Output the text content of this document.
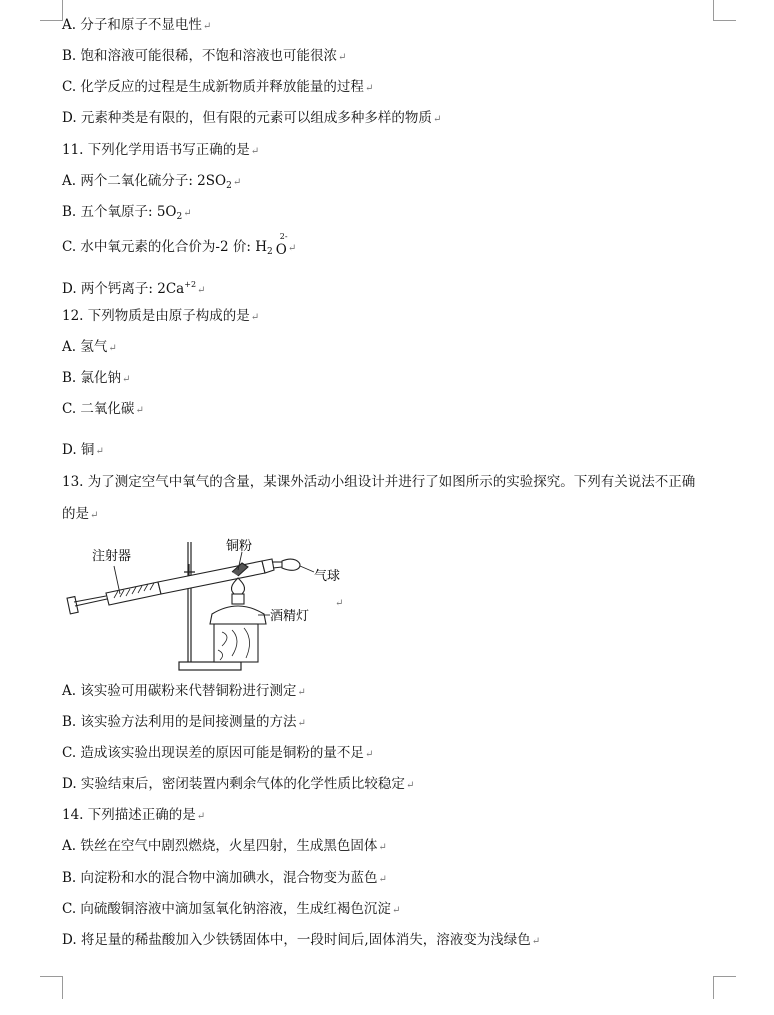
A. 分子和原子不显电性↵
B. 饱和溶液可能很稀，不饱和溶液也可能很浓↵
C. 化学反应的过程是生成新物质并释放能量的过程↵
D. 元素种类是有限的，但有限的元素可以组成多种多样的物质↵
11. 下列化学用语书写正确的是↵
A. 两个二氧化硫分子: $2SO_2↵$
B. 五个氧原子: $5O_2↵$
C. 水中氧元素的化合价为-2 价: $H_2$
2-
O↵
D. 两个钙离子: $2Ca^{+2}↵$
12. 下列物质是由原子构成的是↵
A. 氢气↵
B. 氯化钠↵
C. 二氧化碳↵
D. 铜↵
13. 为了测定空气中氧气的含量，某课外活动小组设计并进行了如图所示的实验探究。下列有关说法不正确
的是↵
注射器
铜粉
气球
酒精灯
↵
A. 该实验可用碳粉来代替铜粉进行测定↵
B. 该实验方法利用的是间接测量的方法↵
C. 造成该实验出现误差的原因可能是铜粉的量不足↵
D. 实验结束后，密闭装置内剩余气体的化学性质比较稳定↵
14. 下列描述正确的是↵
A. 铁丝在空气中剧烈燃烧，火星四射，生成黑色固体↵
B. 向淀粉和水的混合物中滴加碘水，混合物变为蓝色↵
C. 向硫酸铜溶液中滴加氢氧化钠溶液，生成红褐色沉淀↵
D. 将足量的稀盐酸加入少铁锈固体中，一段时间后,固体消失，溶液变为浅绿色↵
